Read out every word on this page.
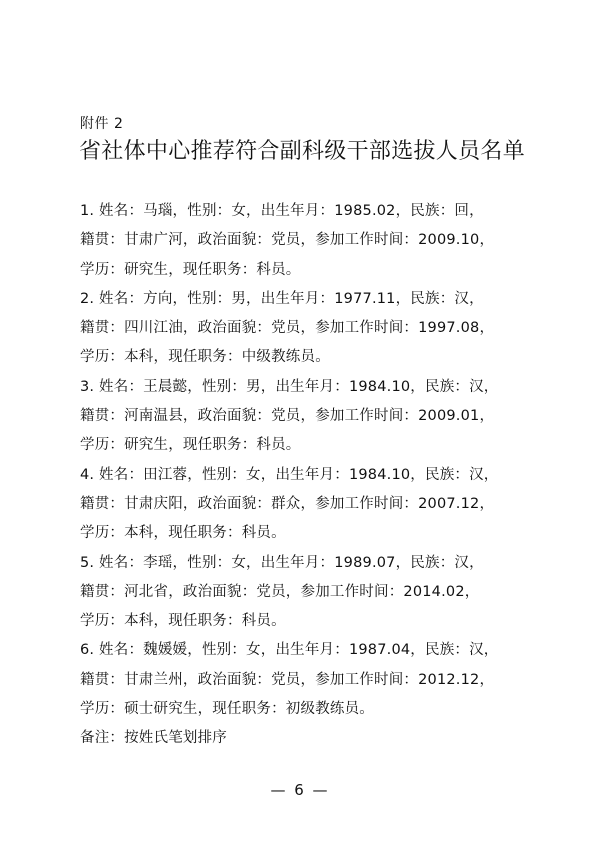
附件 2
省社体中心推荐符合副科级干部选拔人员名单
1. 姓名：马瑙，性别：女，出生年月：1985.02，民族：回，
籍贯：甘肃广河，政治面貌：党员，参加工作时间：2009.10，
学历：研究生，现任职务：科员。
2. 姓名：方向，性别：男，出生年月：1977.11，民族：汉，
籍贯：四川江油，政治面貌：党员，参加工作时间：1997.08，
学历：本科，现任职务：中级教练员。
3. 姓名：王晨懿，性别：男，出生年月：1984.10，民族：汉，
籍贯：河南温县，政治面貌：党员，参加工作时间：2009.01，
学历：研究生，现任职务：科员。
4. 姓名：田江蓉，性别：女，出生年月：1984.10，民族：汉，
籍贯：甘肃庆阳，政治面貌：群众，参加工作时间：2007.12，
学历：本科，现任职务：科员。
5. 姓名：李瑶，性别：女，出生年月：1989.07，民族：汉，
籍贯：河北省，政治面貌：党员，参加工作时间：2014.02，
学历：本科，现任职务：科员。
6. 姓名：魏媛媛，性别：女，出生年月：1987.04，民族：汉，
籍贯：甘肃兰州，政治面貌：党员，参加工作时间：2012.12，
学历：硕士研究生，现任职务：初级教练员。
备注：按姓氏笔划排序
— 6 —
